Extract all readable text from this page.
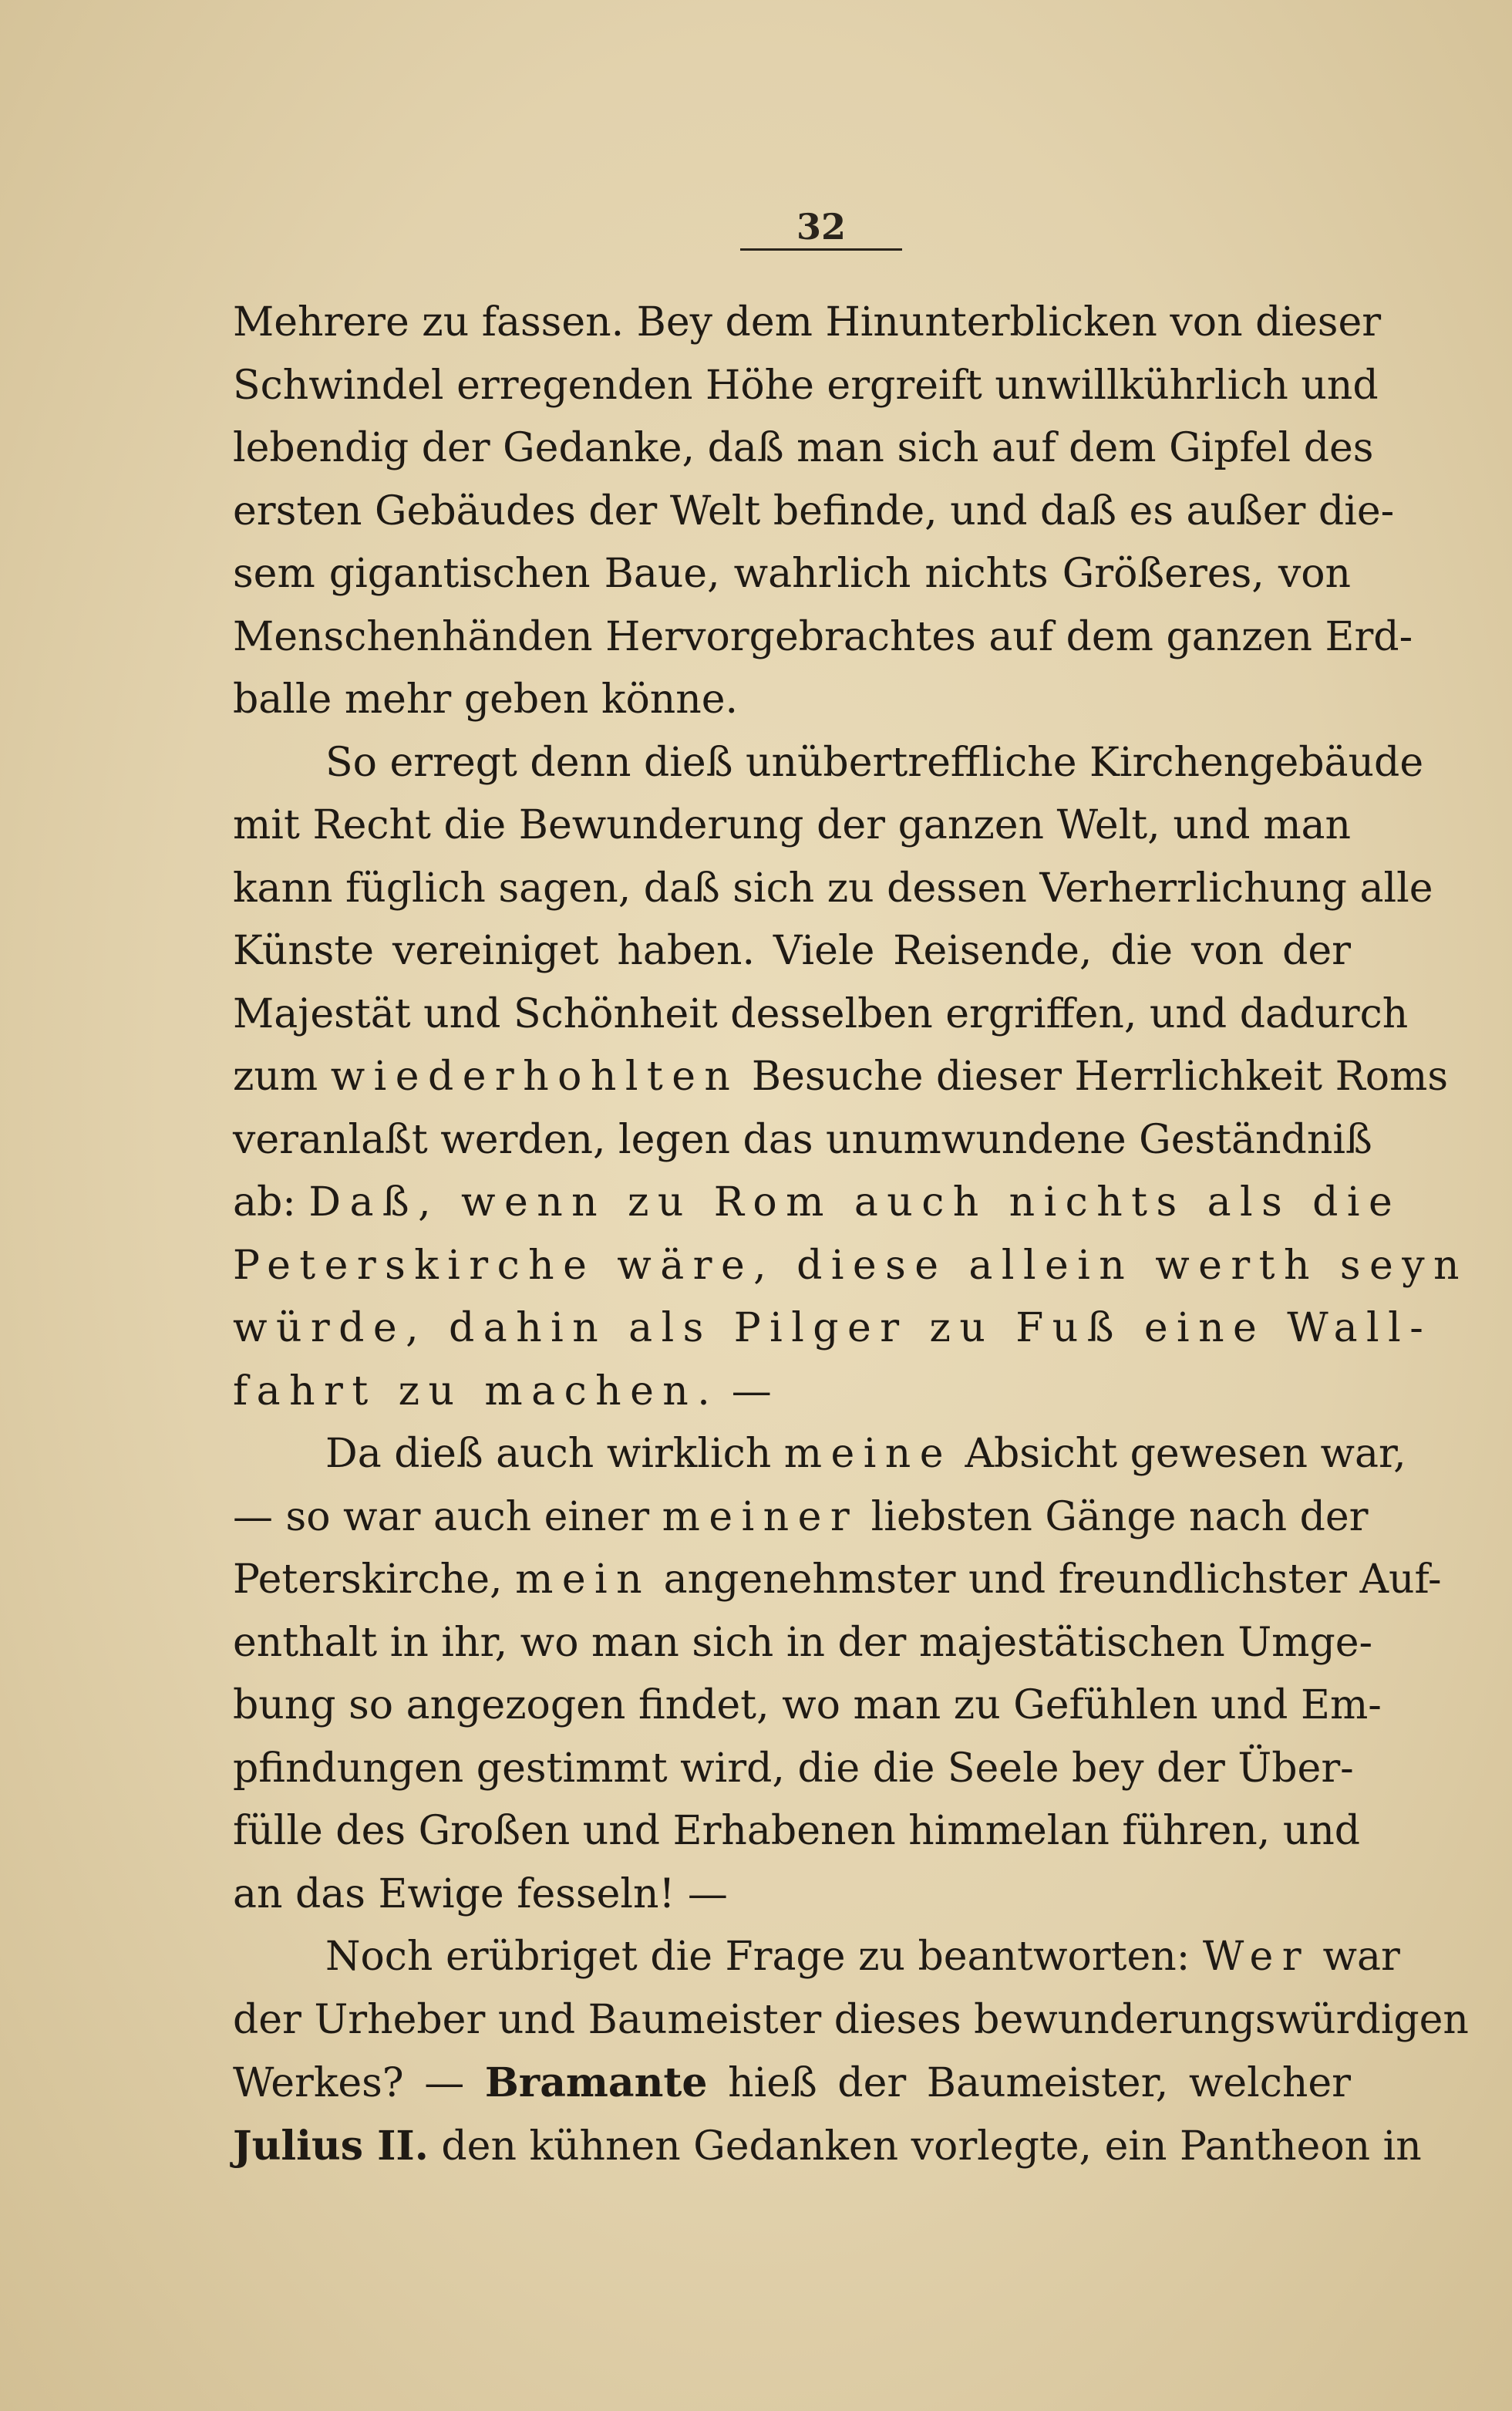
32
Mehrere zu fassen. Bey dem Hinunterblicken von dieser
Schwindel erregenden Höhe ergreift unwillkührlich und
lebendig der Gedanke, daß man sich auf dem Gipfel des
ersten Gebäudes der Welt befinde, und daß es außer die-
sem gigantischen Baue, wahrlich nichts Größeres, von
Menschenhänden Hervorgebrachtes auf dem ganzen Erd-
balle mehr geben könne.
So erregt denn dieß unübertreffliche Kirchengebäude
mit Recht die Bewunderung der ganzen Welt, und man
kann füglich sagen, daß sich zu dessen Verherrlichung alle
Künste vereiniget haben. Viele Reisende, die von der
Majestät und Schönheit desselben ergriffen, und dadurch
zum wiederhohlten Besuche dieser Herrlichkeit Roms
veranlaßt werden, legen das unumwundene Geständniß
ab: Daß, wenn zu Rom auch nichts als die
Peterskirche wäre, diese allein werth seyn
würde, dahin als Pilger zu Fuß eine Wall-
fahrt zu machen. —
Da dieß auch wirklich meine Absicht gewesen war,
— so war auch einer meiner liebsten Gänge nach der
Peterskirche, mein angenehmster und freundlichster Auf-
enthalt in ihr, wo man sich in der majestätischen Umge-
bung so angezogen findet, wo man zu Gefühlen und Em-
pfindungen gestimmt wird, die die Seele bey der Über-
fülle des Großen und Erhabenen himmelan führen, und
an das Ewige fesseln! —
Noch erübriget die Frage zu beantworten: Wer war
der Urheber und Baumeister dieses bewunderungswürdigen
Werkes? — Bramante hieß der Baumeister, welcher
Julius II. den kühnen Gedanken vorlegte, ein Pantheon in
